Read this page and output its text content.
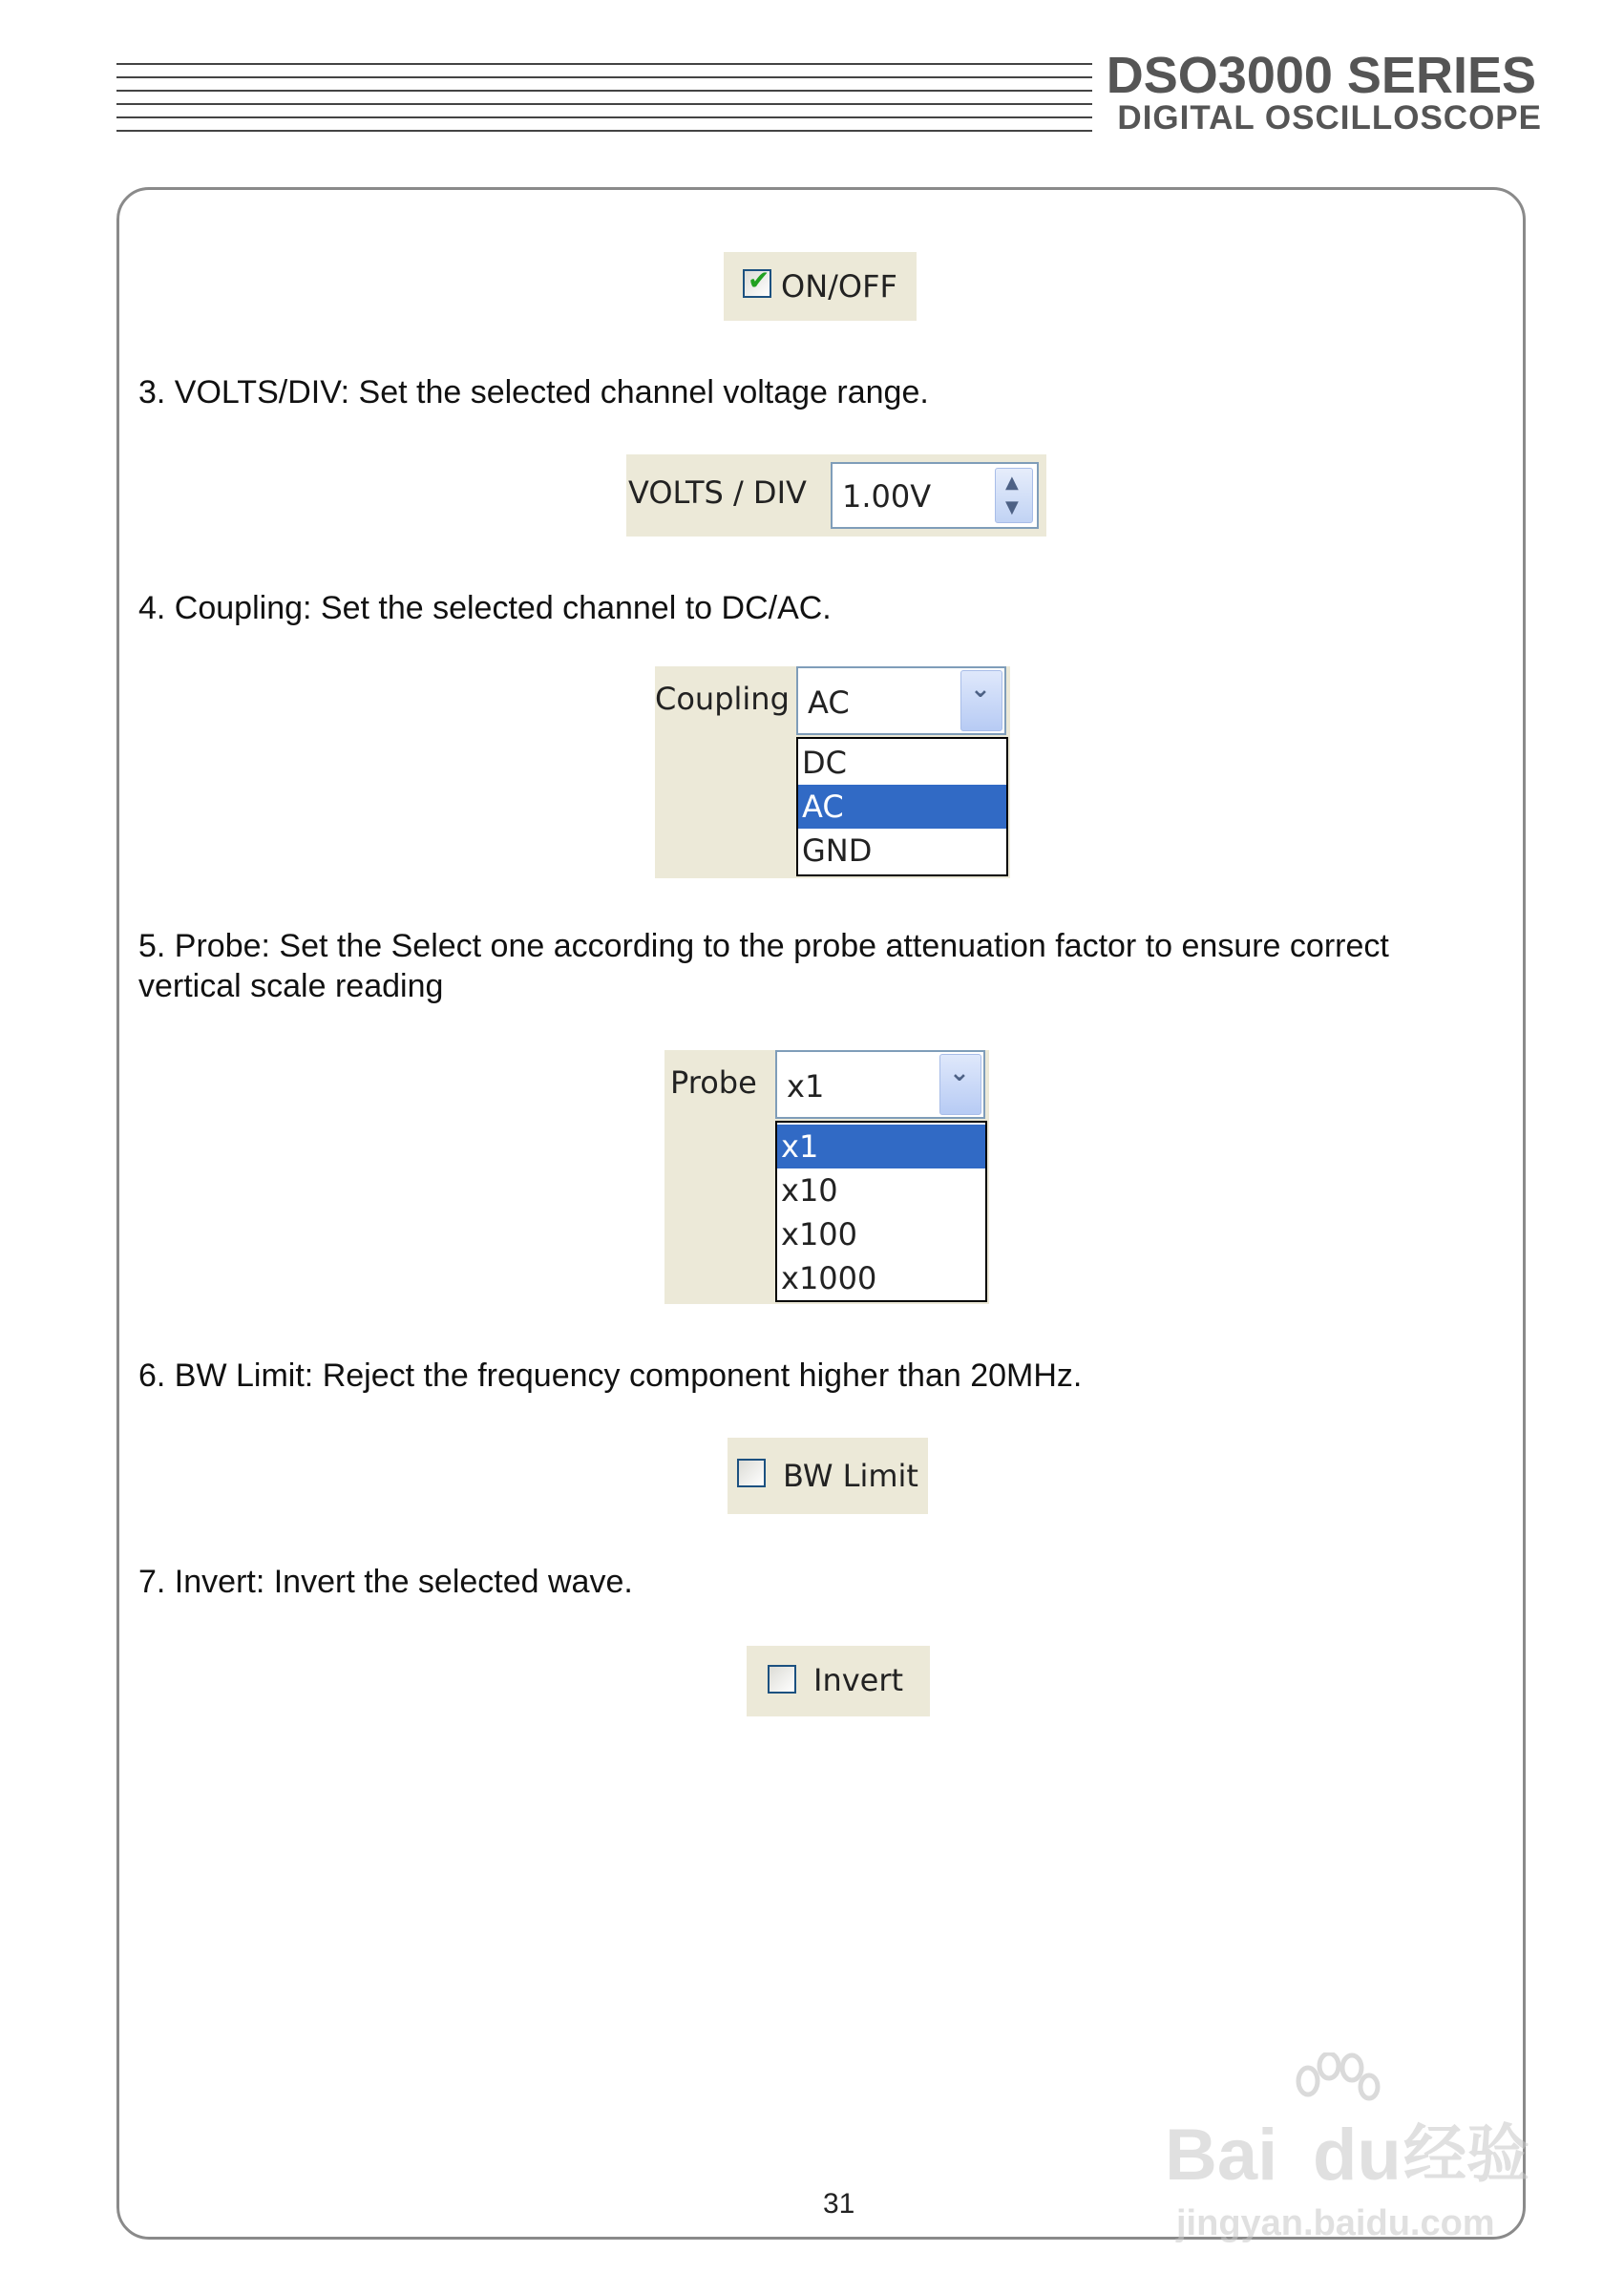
DSO3000 SERIES
DIGITAL OSCILLOSCOPE
✔ ON/OFF
3. VOLTS/DIV: Set the selected channel voltage range.
VOLTS / DIV 1.00V	▲
▼
4. Coupling: Set the selected channel to DC/AC.
Coupling AC	⌄
DC
AC
GND
5. Probe: Set the Select one according to the probe attenuation factor to ensure correct vertical scale reading
Probe x1	⌄
x1
x10
x100
x1000
6. BW Limit: Reject the frequency component higher than 20MHz.
BW Limit
7. Invert: Invert the selected wave.
Invert
31
Bai du 经验
jingyan.baidu.com
